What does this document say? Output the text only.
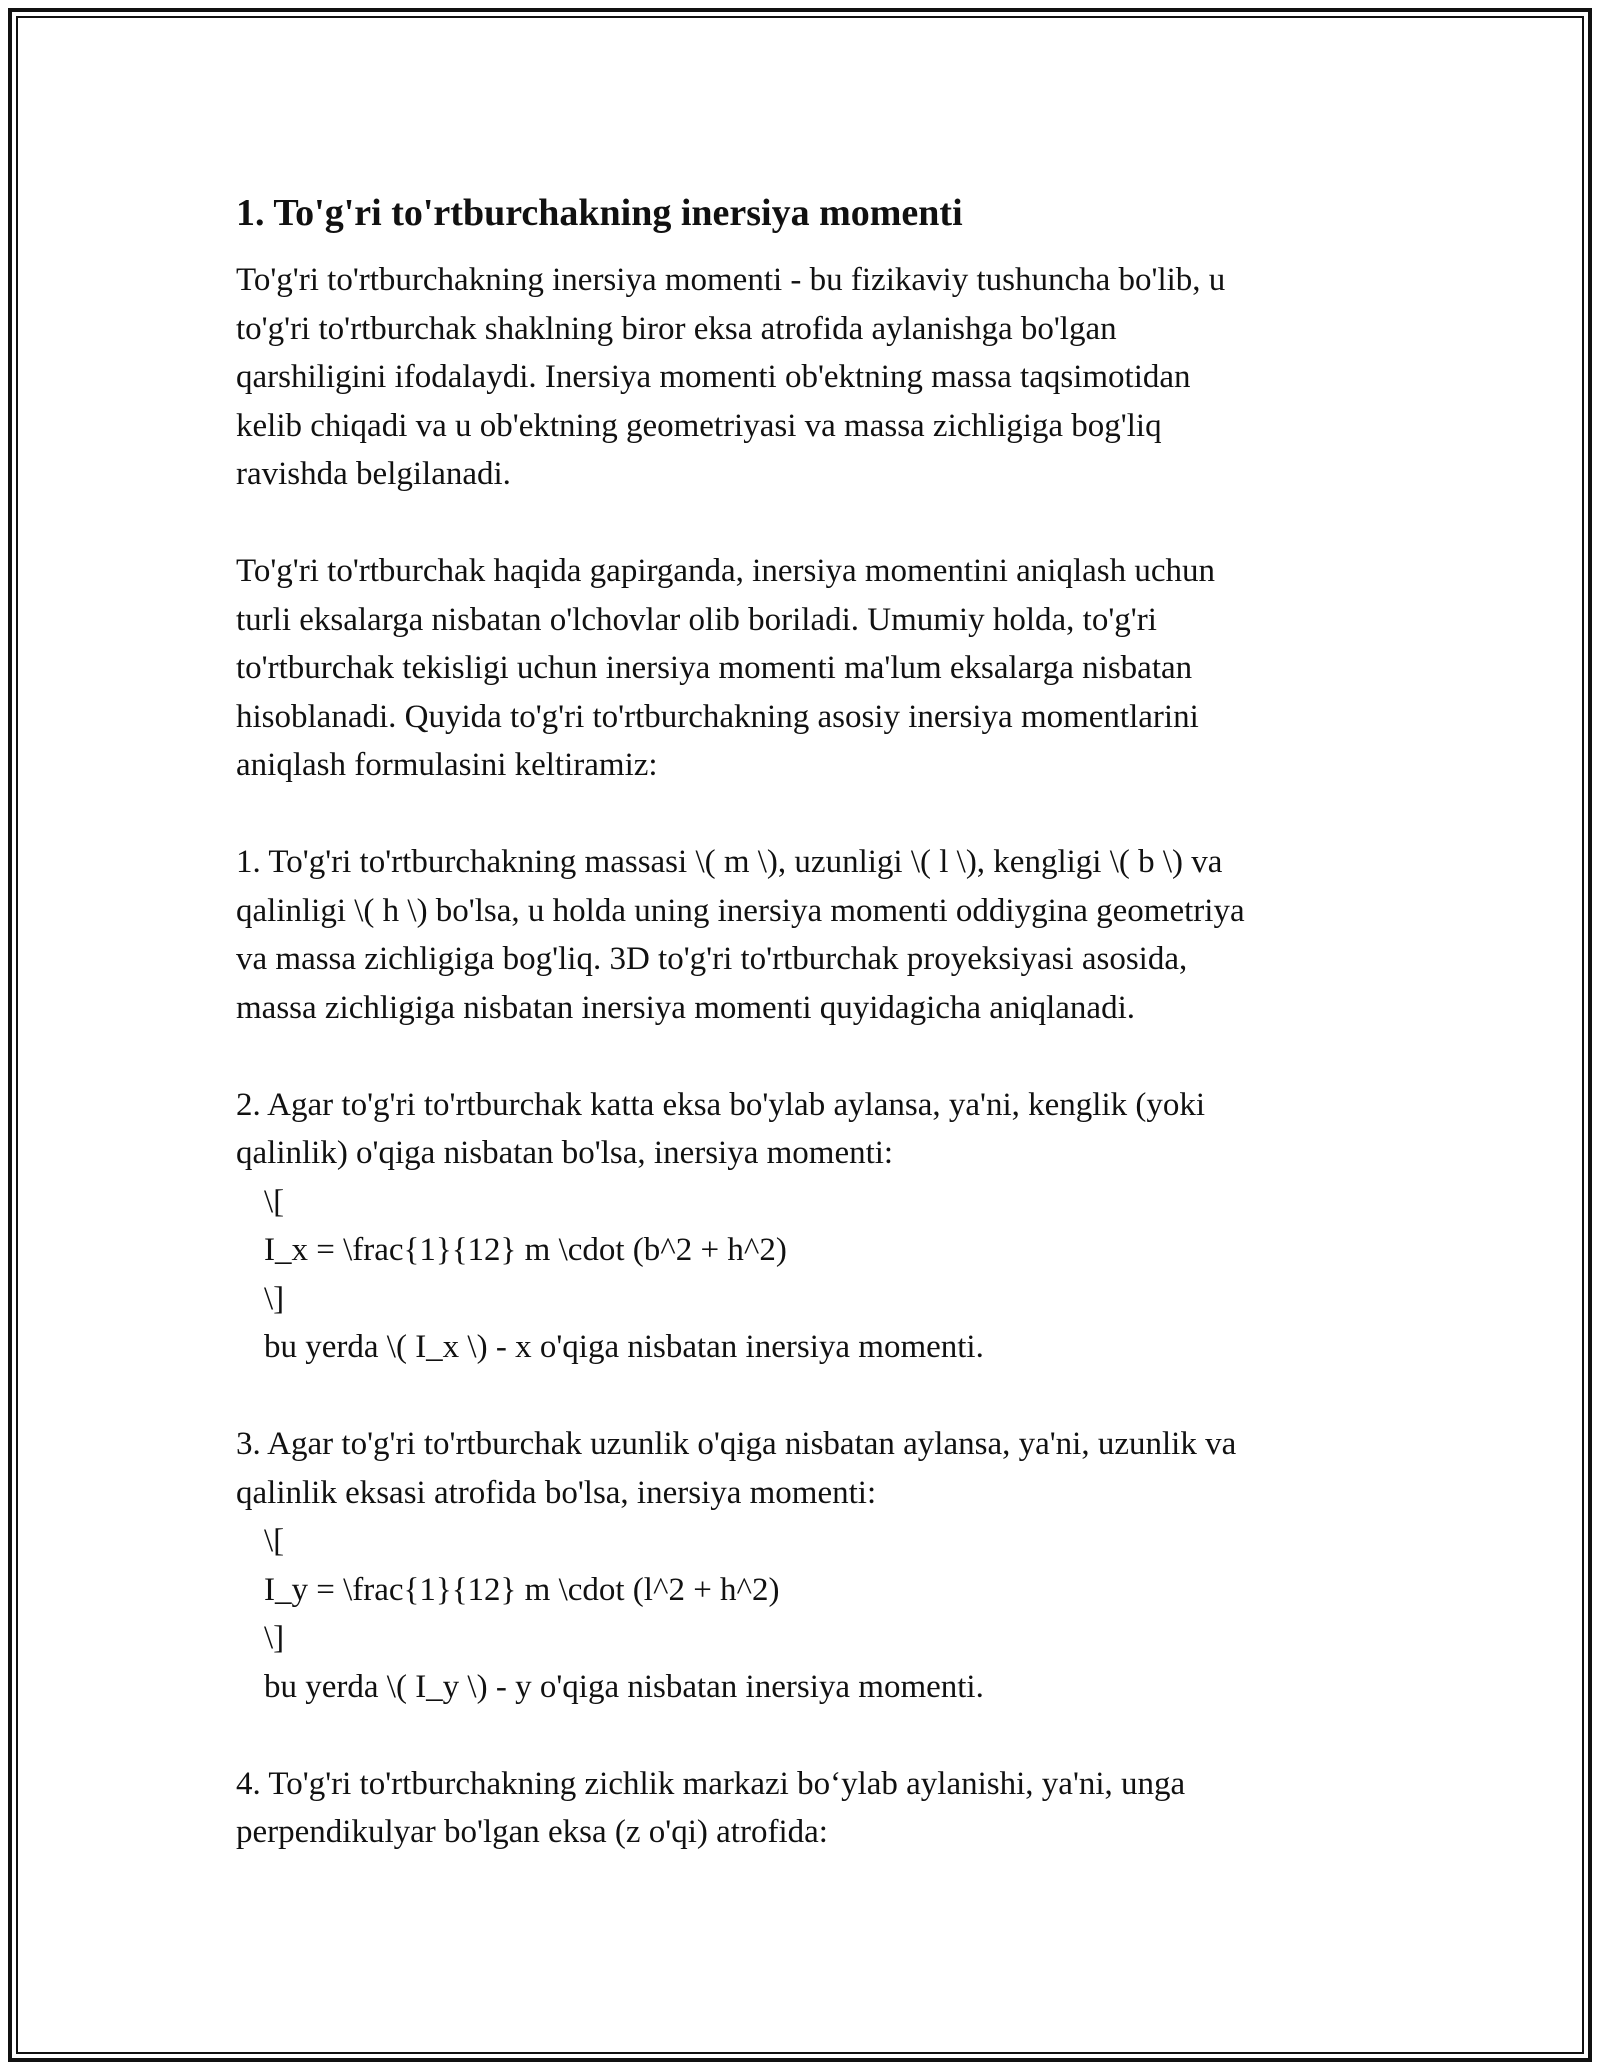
1. To'g'ri to'rtburchakning inersiya momenti

To'g'ri to'rtburchakning inersiya momenti - bu fizikaviy tushuncha bo'lib, u
to'g'ri to'rtburchak shaklning biror eksa atrofida aylanishga bo'lgan
qarshiligini ifodalaydi. Inersiya momenti ob'ektning massa taqsimotidan
kelib chiqadi va u ob'ektning geometriyasi va massa zichligiga bog'liq
ravishda belgilanadi.

To'g'ri to'rtburchak haqida gapirganda, inersiya momentini aniqlash uchun
turli eksalarga nisbatan o'lchovlar olib boriladi. Umumiy holda, to'g'ri
to'rtburchak tekisligi uchun inersiya momenti ma'lum eksalarga nisbatan
hisoblanadi. Quyida to'g'ri to'rtburchakning asosiy inersiya momentlarini
aniqlash formulasini keltiramiz:

1. To'g'ri to'rtburchakning massasi \( m \), uzunligi \( l \), kengligi \( b \) va
qalinligi \( h \) bo'lsa, u holda uning inersiya momenti oddiygina geometriya
va massa zichligiga bog'liq. 3D to'g'ri to'rtburchak proyeksiyasi asosida,
massa zichligiga nisbatan inersiya momenti quyidagicha aniqlanadi.

2. Agar to'g'ri to'rtburchak katta eksa bo'ylab aylansa, ya'ni, kenglik (yoki
qalinlik) o'qiga nisbatan bo'lsa, inersiya momenti:

\[
I_x = \frac{1}{12} m \cdot (b^2 + h^2)
\]
bu yerda \( I_x \) - x o'qiga nisbatan inersiya momenti.

3. Agar to'g'ri to'rtburchak uzunlik o'qiga nisbatan aylansa, ya'ni, uzunlik va
qalinlik eksasi atrofida bo'lsa, inersiya momenti:

\[
I_y = \frac{1}{12} m \cdot (l^2 + h^2)
\]
bu yerda \( I_y \) - y o'qiga nisbatan inersiya momenti.

4. To'g'ri to'rtburchakning zichlik markazi bo‘ylab aylanishi, ya'ni, unga
perpendikulyar bo'lgan eksa (z o'qi) atrofida:
